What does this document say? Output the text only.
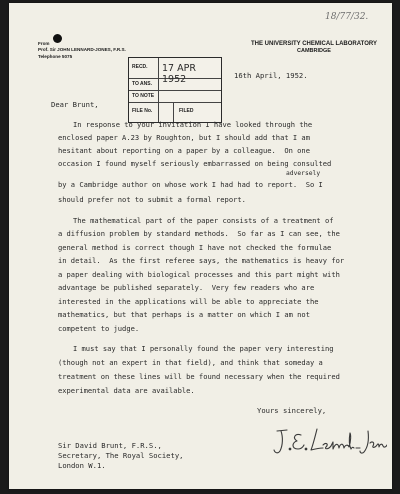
18/77/32.
From
Prof. Sir JOHN LENNARD-JONES, F.R.S.
Telephone 5075
THE UNIVERSITY CHEMICAL LABORATORY
CAMBRIDGE
RECD.
TO ANS.
TO NOTE
FILE No.
17 APR 1952
FILED
16th April, 1952.
Dear Brunt,
In response to your invitation I have looked through the
enclosed paper A.23 by Roughton, but I should add that I am
hesitant about reporting on a paper by a colleague.  On one
occasion I found myself seriously embarrassed on being consulted
adversely
by a Cambridge author on whose work I had had to report.  So I
should prefer not to submit a formal report.
The mathematical part of the paper consists of a treatment of
a diffusion problem by standard methods.  So far as I can see, the
general method is correct though I have not checked the formulae
in detail.  As the first referee says, the mathematics is heavy for
a paper dealing with biological processes and this part might with
advantage be published separately.  Very few readers who are
interested in the applications will be able to appreciate the
mathematics, but that perhaps is a matter on which I am not
competent to judge.
I must say that I personally found the paper very interesting
(though not an expert in that field), and think that someday a
treatment on these lines will be found necessary when the required
experimental data are available.
Yours sincerely,
Sir David Brunt, F.R.S.,
Secretary, The Royal Society,
London W.1.
